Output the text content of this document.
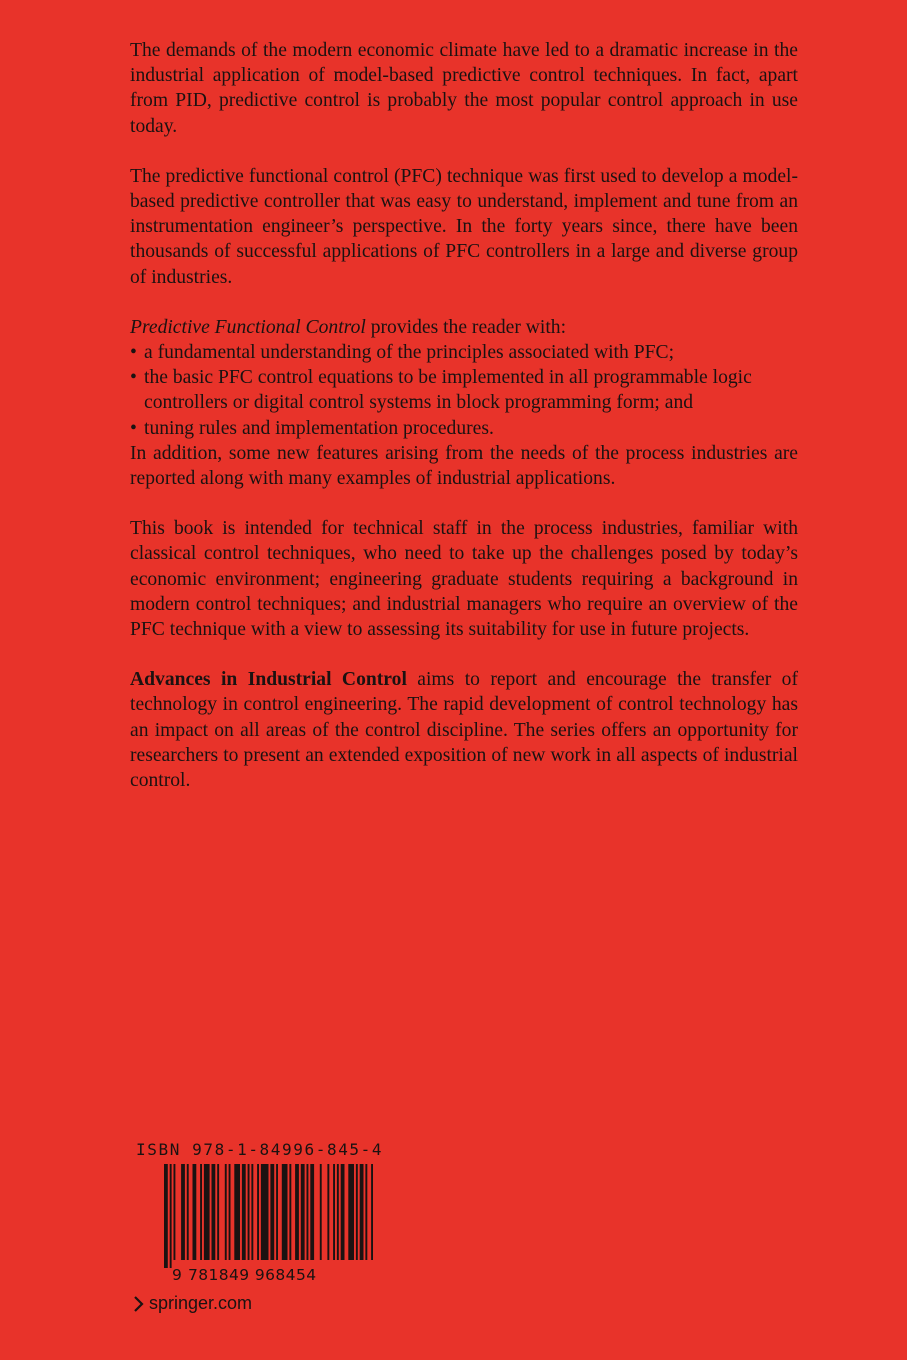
The demands of the modern economic climate have led to a dramatic increase in the industrial application of model-based predictive control techniques. In fact, apart from PID, predictive control is probably the most popular control approach in use today.

The predictive functional control (PFC) technique was first used to develop a model-based predictive controller that was easy to understand, implement and tune from an instrumentation engineer’s perspective. In the forty years since, there have been thousands of successful applications of PFC controllers in a large and diverse group of industries.

Predictive Functional Control provides the reader with:

• a fundamental understanding of the principles associated with PFC;
• the basic PFC control equations to be implemented in all programmable logic controllers or digital control systems in block programming form; and
• tuning rules and implementation procedures.

In addition, some new features arising from the needs of the process industries are reported along with many examples of industrial applications.

This book is intended for technical staff in the process industries, familiar with classical control techniques, who need to take up the challenges posed by today’s economic environment; engineering graduate students requiring a background in modern control techniques; and industrial managers who require an overview of the PFC technique with a view to assessing its suitability for use in future projects.

Advances in Industrial Control aims to report and encourage the transfer of technology in control engineering. The rapid development of control technology has an impact on all areas of the control discipline. The series offers an opportunity for researchers to present an extended exposition of new work in all aspects of industrial control.

ISBN 978-1-84996-845-4
9 781849 968454
springer.com
